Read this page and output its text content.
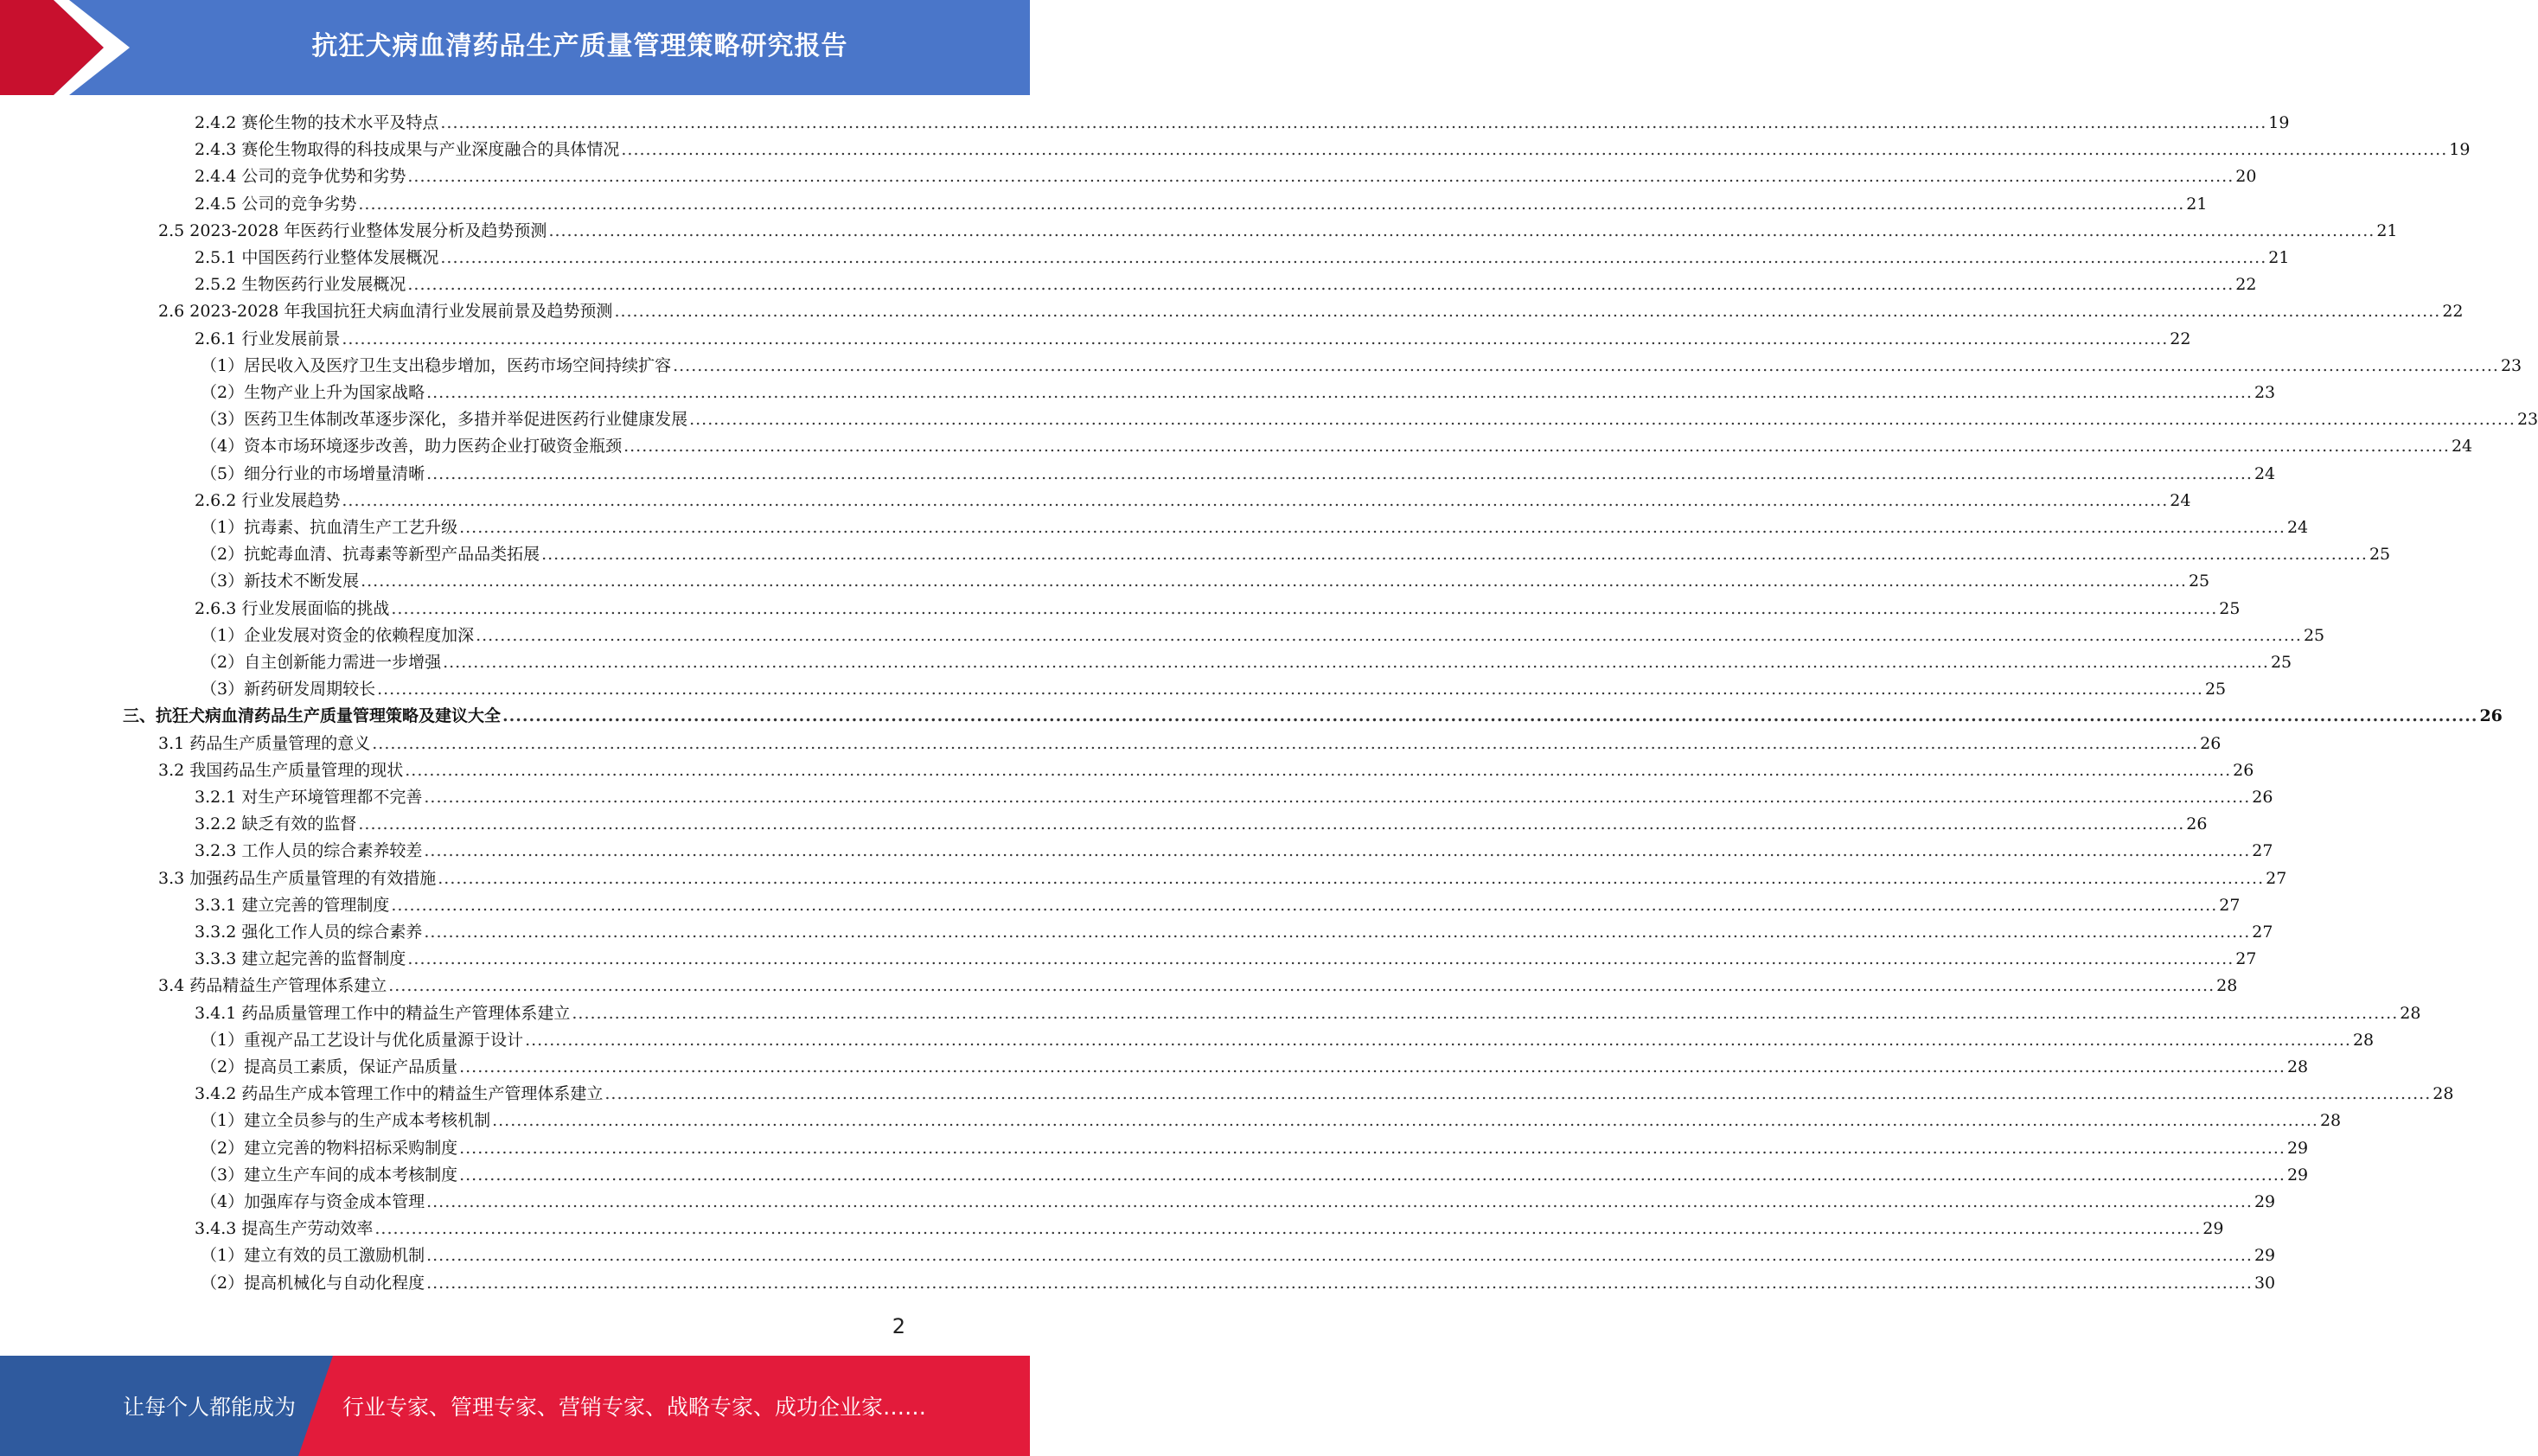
抗狂犬病血清药品生产质量管理策略研究报告
2.4.2 赛伦生物的技术水平及特点 ............................................................................................................................................................................................................................................................................................................ 19
2.4.3 赛伦生物取得的科技成果与产业深度融合的具体情况 ............................................................................................................................................................................................................................................................................................................ 19
2.4.4 公司的竞争优势和劣势 ............................................................................................................................................................................................................................................................................................................ 20
2.4.5 公司的竞争劣势 ............................................................................................................................................................................................................................................................................................................ 21
2.5 2023-2028 年医药行业整体发展分析及趋势预测 ............................................................................................................................................................................................................................................................................................................ 21
2.5.1 中国医药行业整体发展概况 ............................................................................................................................................................................................................................................................................................................ 21
2.5.2 生物医药行业发展概况 ............................................................................................................................................................................................................................................................................................................ 22
2.6 2023-2028 年我国抗狂犬病血清行业发展前景及趋势预测 ............................................................................................................................................................................................................................................................................................................ 22
2.6.1 行业发展前景 ............................................................................................................................................................................................................................................................................................................ 22
（1）居民收入及医疗卫生支出稳步增加，医药市场空间持续扩容 ............................................................................................................................................................................................................................................................................................................ 23
（2）生物产业上升为国家战略 ............................................................................................................................................................................................................................................................................................................ 23
（3）医药卫生体制改革逐步深化，多措并举促进医药行业健康发展 ............................................................................................................................................................................................................................................................................................................ 23
（4）资本市场环境逐步改善，助力医药企业打破资金瓶颈 ............................................................................................................................................................................................................................................................................................................ 24
（5）细分行业的市场增量清晰 ............................................................................................................................................................................................................................................................................................................ 24
2.6.2 行业发展趋势 ............................................................................................................................................................................................................................................................................................................ 24
（1）抗毒素、抗血清生产工艺升级 ............................................................................................................................................................................................................................................................................................................ 24
（2）抗蛇毒血清、抗毒素等新型产品品类拓展 ............................................................................................................................................................................................................................................................................................................ 25
（3）新技术不断发展 ............................................................................................................................................................................................................................................................................................................ 25
2.6.3 行业发展面临的挑战 ............................................................................................................................................................................................................................................................................................................ 25
（1）企业发展对资金的依赖程度加深 ............................................................................................................................................................................................................................................................................................................ 25
（2）自主创新能力需进一步增强 ............................................................................................................................................................................................................................................................................................................ 25
（3）新药研发周期较长 ............................................................................................................................................................................................................................................................................................................ 25
三、抗狂犬病血清药品生产质量管理策略及建议大全 ............................................................................................................................................................................................................................................................................................................ 26
3.1 药品生产质量管理的意义 ............................................................................................................................................................................................................................................................................................................ 26
3.2 我国药品生产质量管理的现状 ............................................................................................................................................................................................................................................................................................................ 26
3.2.1 对生产环境管理都不完善 ............................................................................................................................................................................................................................................................................................................ 26
3.2.2 缺乏有效的监督 ............................................................................................................................................................................................................................................................................................................ 26
3.2.3 工作人员的综合素养较差 ............................................................................................................................................................................................................................................................................................................ 27
3.3 加强药品生产质量管理的有效措施 ............................................................................................................................................................................................................................................................................................................ 27
3.3.1 建立完善的管理制度 ............................................................................................................................................................................................................................................................................................................ 27
3.3.2 强化工作人员的综合素养 ............................................................................................................................................................................................................................................................................................................ 27
3.3.3 建立起完善的监督制度 ............................................................................................................................................................................................................................................................................................................ 27
3.4 药品精益生产管理体系建立 ............................................................................................................................................................................................................................................................................................................ 28
3.4.1 药品质量管理工作中的精益生产管理体系建立 ............................................................................................................................................................................................................................................................................................................ 28
（1）重视产品工艺设计与优化质量源于设计 ............................................................................................................................................................................................................................................................................................................ 28
（2）提高员工素质，保证产品质量 ............................................................................................................................................................................................................................................................................................................ 28
3.4.2 药品生产成本管理工作中的精益生产管理体系建立 ............................................................................................................................................................................................................................................................................................................ 28
（1）建立全员参与的生产成本考核机制 ............................................................................................................................................................................................................................................................................................................ 28
（2）建立完善的物料招标采购制度 ............................................................................................................................................................................................................................................................................................................ 29
（3）建立生产车间的成本考核制度 ............................................................................................................................................................................................................................................................................................................ 29
（4）加强库存与资金成本管理 ............................................................................................................................................................................................................................................................................................................ 29
3.4.3 提高生产劳动效率 ............................................................................................................................................................................................................................................................................................................ 29
（1）建立有效的员工激励机制 ............................................................................................................................................................................................................................................................................................................ 29
（2）提高机械化与自动化程度 ............................................................................................................................................................................................................................................................................................................ 30
2
让每个人都能成为 行业专家、管理专家、营销专家、战略专家、成功企业家……
